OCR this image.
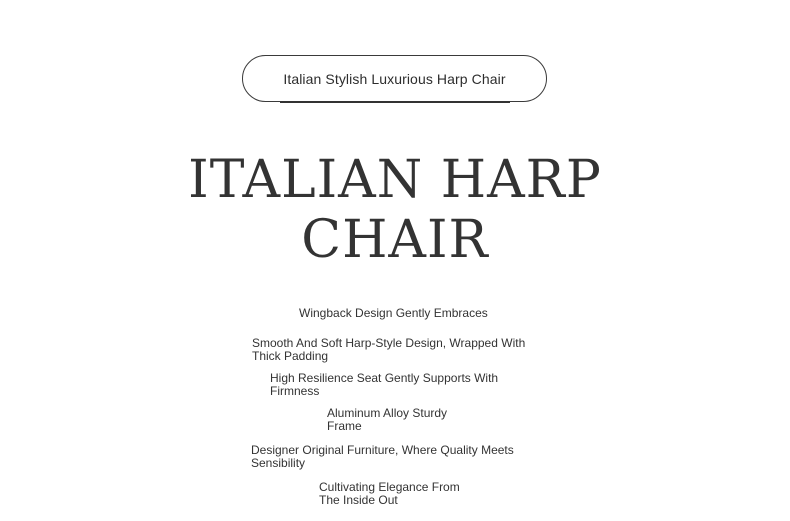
Italian Stylish Luxurious Harp Chair
ITALIAN HARP
CHAIR
Wingback Design Gently Embraces
Smooth And Soft Harp-Style Design, Wrapped With
Thick Padding
High Resilience Seat Gently Supports With
Firmness
Aluminum Alloy Sturdy
Frame
Designer Original Furniture, Where Quality Meets
Sensibility
Cultivating Elegance From
The Inside Out
